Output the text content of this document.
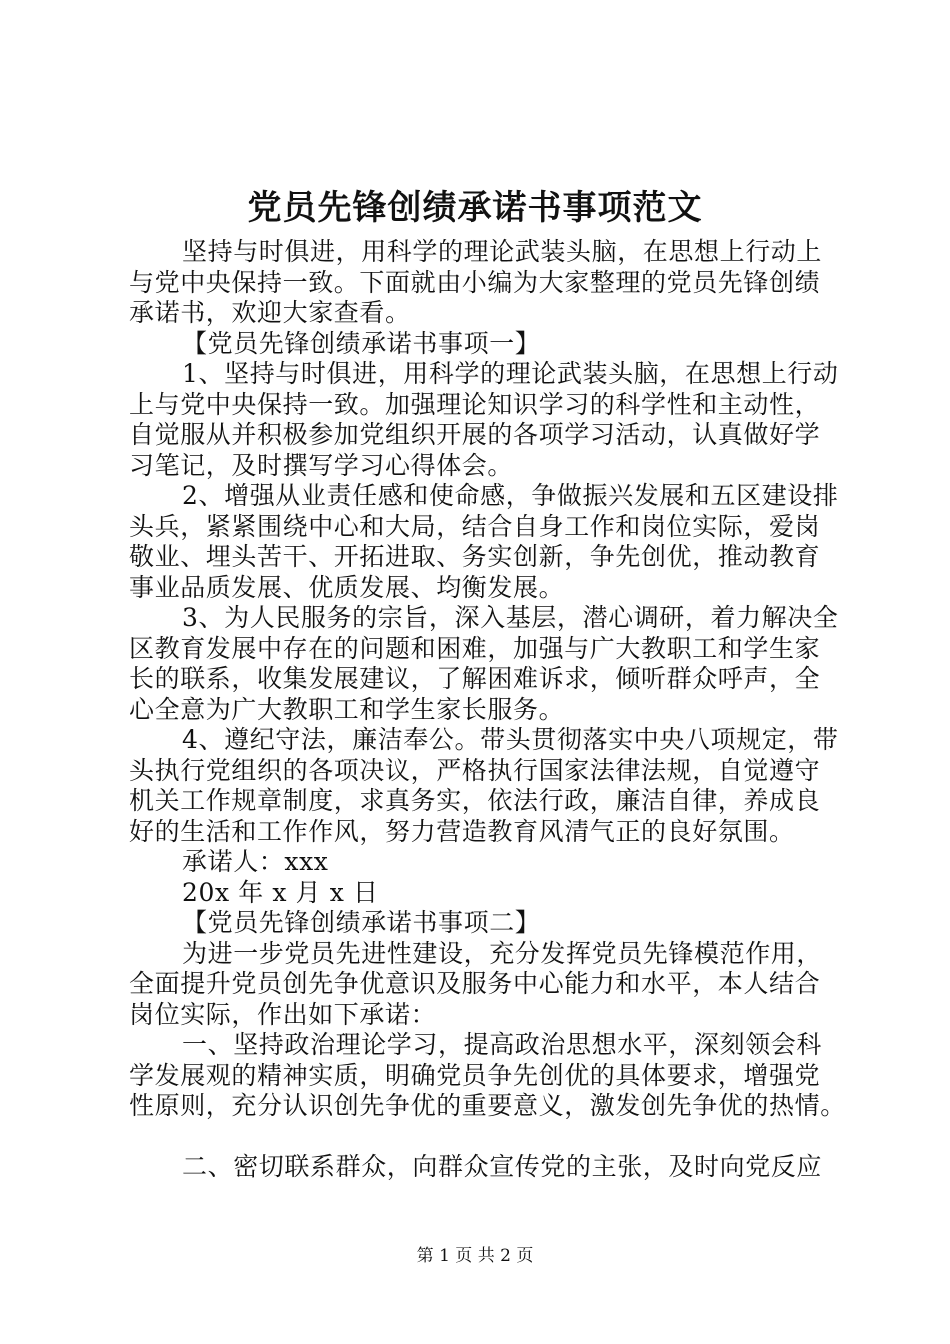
党员先锋创绩承诺书事项范文
坚持与时俱进，用科学的理论武装头脑，在思想上行动上
与党中央保持一致。下面就由小编为大家整理的党员先锋创绩
承诺书，欢迎大家查看。
【党员先锋创绩承诺书事项一】
1、坚持与时俱进，用科学的理论武装头脑，在思想上行动
上与党中央保持一致。加强理论知识学习的科学性和主动性，
自觉服从并积极参加党组织开展的各项学习活动，认真做好学
习笔记，及时撰写学习心得体会。
2、增强从业责任感和使命感，争做振兴发展和五区建设排
头兵，紧紧围绕中心和大局，结合自身工作和岗位实际，爱岗
敬业、埋头苦干、开拓进取、务实创新，争先创优，推动教育
事业品质发展、优质发展、均衡发展。
3、为人民服务的宗旨，深入基层，潜心调研，着力解决全
区教育发展中存在的问题和困难，加强与广大教职工和学生家
长的联系，收集发展建议，了解困难诉求，倾听群众呼声，全
心全意为广大教职工和学生家长服务。
4、遵纪守法，廉洁奉公。带头贯彻落实中央八项规定，带
头执行党组织的各项决议，严格执行国家法律法规，自觉遵守
机关工作规章制度，求真务实，依法行政，廉洁自律，养成良
好的生活和工作作风，努力营造教育风清气正的良好氛围。
承诺人：xxx
20x 年 x 月 x 日
【党员先锋创绩承诺书事项二】
为进一步党员先进性建设，充分发挥党员先锋模范作用，
全面提升党员创先争优意识及服务中心能力和水平，本人结合
岗位实际，作出如下承诺：
一、坚持政治理论学习，提高政治思想水平，深刻领会科
学发展观的精神实质，明确党员争先创优的具体要求，增强党
性原则，充分认识创先争优的重要意义，激发创先争优的热情。
二、密切联系群众，向群众宣传党的主张，及时向党反应
第 1 页 共 2 页
